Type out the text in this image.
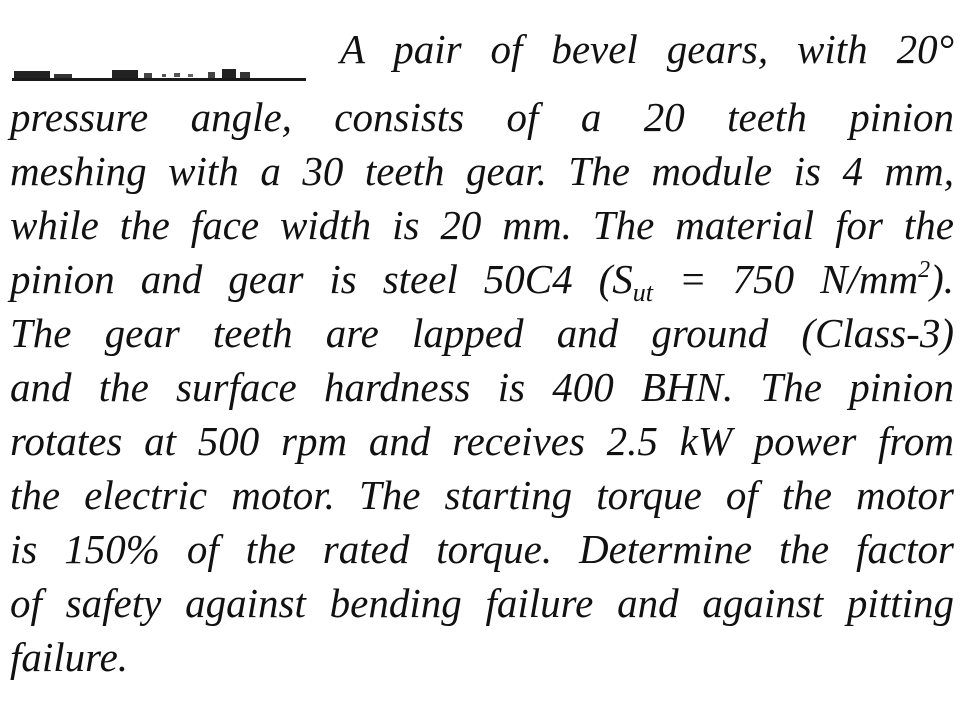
A pair of bevel gears, with 20°
pressure angle, consists of a 20 teeth pinion
meshing with a 30 teeth gear. The module is 4 mm,
while the face width is 20 mm. The material for the
pinion and gear is steel 50C4 ($S_{ut} = 750$ $N/mm^2$).
The gear teeth are lapped and ground (Class-3)
and the surface hardness is 400 BHN. The pinion
rotates at 500 rpm and receives 2.5 kW power from
the electric motor. The starting torque of the motor
is 150% of the rated torque. Determine the factor
of safety against bending failure and against pitting
failure.
